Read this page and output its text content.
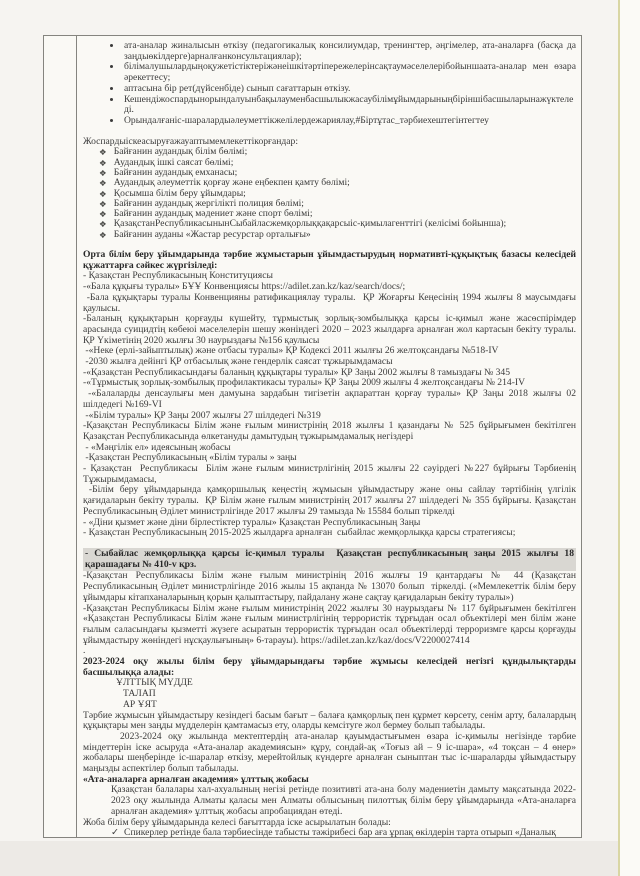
• ата-аналар жиналысын өткізу (педагогикалық консилиумдар, тренингтер, әңгімелер, ата-аналарға (басқа да заңдыөкілдерге)арналғанконсультациялар);
• білімалушылардыңоқужетістіктеріжәнеішкітәртіпережелерінсақтаумәселелерібойыншаата-аналар мен өзара әрекеттесу;
• аптасына бір рет(дүйсенбіде) сынып сағаттарын өткізу.
• Кешендіжоспардынорындалуынбақылауменбасшылыкжасаубілімұйымдарыныңбіріншібасшыларынажүктеледі.
• Орындалғаніс-шаралардыәлеуметтікжелілердежариялау,#Біртұтас_тәрбиехештегінтегтеу

Жоспардыіскеасыруғажауаптымемлекеттікорғандар:

❖ Байғанин аудандық білім бөлімі;
❖ Аудандық ішкі саясат бөлімі;
❖ Байғанин аудандық емханасы;
❖ Аудандық әлеуметтік қорғау және еңбекпен қамту бөлімі;
❖ Қосымша білім беру ұйымдары;
❖ Байғанин аудандық жергілікті полиция бөлімі;
❖ Байғанин аудандық мәдениет және спорт бөлімі;
❖ ҚазақстанРеспубликасынынСыбайласжемқорлыққақарсыіс-қимылагенттігі (келісімі бойынша);
❖ Байғанин ауданы «Жастар ресурстар орталығы»

Орта білім беру ұйымдарында тәрбие жұмыстарын ұйымдастырудың нормативті-құқықтық базасы келесідей құжаттарға сәйкес жүргізіледі:

- Қазақстан Республикасының Конституциясы

-«Бала құқығы туралы» БҰҰ Конвенциясы https://adilet.zan.kz/kaz/search/docs/;

-Бала құқықтары туралы Конвенцияны ратификациялау туралы.  ҚР Жоғарғы Кеңесінің 1994 жылғы 8 маусымдағы қаулысы.

-Баланың құқықтарын қорғауды күшейту, тұрмыстық зорлық-зомбылыққа қарсы іс-қимыл және жасөспірімдер арасында суицидтің көбеюі мәселелерін шешу жөніндегі 2020 – 2023 жылдарға арналған жол картасын бекіту туралы.  ҚР Үкіметінің 2020 жылғы 30 наурыздағы №156 қаулысы

-«Неке (ерлі-зайыптылық) және отбасы туралы» ҚР Кодексі 2011 жылғы 26 желтоқсандағы №518-IV

-2030 жылға дейінгі ҚР отбасылық және гендерлік саясат тұжырымдамасы

-«Қазақстан Республикасындағы баланың құқықтары туралы» ҚР Заңы 2002 жылғы 8 тамыздағы № 345

-«Тұрмыстық зорлық-зомбылық профилактикасы туралы» ҚР Заңы 2009 жылғы 4 желтоқсандағы № 214-IV

-«Балаларды денсаулығы мен дамуына зардабын тигізетін ақпараттан қорғау туралы» ҚР Заңы 2018 жылғы 02 шілдедегі №169-VI

-«Білім туралы» ҚР Заңы 2007 жылғы 27 шілдедегі №319

-Қазақстан Республикасы Білім және ғылым министрінің 2018 жылғы 1 қазандағы № 525 бұйрығымен бекітілген Қазақстан Республикасында өлкетануды дамытудың тұжырымдамалық негіздері

- «Мәңгілік ел» идеясының жобасы

-Қазақстан Республикасының «Білім туралы » заңы

- Қазақстан  Республикасы  Білім және ғылым министрлігінің 2015 жылғы 22 сәуірдегі №227 бұйрығы Тәрбиенің Тұжырымдамасы,

-Білім беру ұйымдарында қамқоршылық кеңестің жұмысын ұйымдастыру және оны сайлау тәртібінің үлгілік қағидаларын бекіту туралы.  ҚР Білім және ғылым министрінің 2017 жылғы 27 шілдедегі № 355 бұйрығы. Қазақстан Республикасының Әділет министрлігінде 2017 жылғы 29 тамызда № 15584 болып тіркелді

- «Діни қызмет және діни бірлестіктер туралы» Қазақстан Республикасының Заңы

- Қазақстан Республикасының 2015-2025 жылдарға арналған  сыбайлас жемқорлыққа қарсы стратегиясы;

- Сыбайлас жемқорлыққа қарсы іс-қимыл туралы  Қазақстан республикасының заңы 2015 жылғы 18 қарашадағы № 410-v қрз.

-Қазақстан Республикасы Білім және ғылым министрінің 2016 жылғы 19 қантардағы № 44 (Қазақстан Республикасының Әділет министрлігінде 2016 жылы 15 ақпанда № 13070 болып  тіркелді. («Мемлекеттік білім беру ұйымдары кітапханаларының қорын қалыптастыру, пайдалану және сақтау қағидаларын бекіту туралы»)

-Қазақстан Республикасы Білім және ғылым министрінің 2022 жылғы 30 наурыздағы № 117 бұйрығымен бекітілген «Қазақстан Республикасы Білім және ғылым министрлігінің террористік тұрғыдан осал объектілері мен білім және ғылым саласындағы қызметті жүзеге асыратын террористік тұрғыдан осал объектілерді терроризмге қарсы қорғауды ұйымдастыру жөніндегі нұсқаулығының» 6-тарауы). https://adilet.zan.kz/kaz/docs/V2200027414

.

2023-2024 оқу жылы білім беру ұйымдарындағы тәрбие жұмысы келесідей негізгі құндылықтарды  басшылыққа алады:

ҰЛТТЫҚ МҮДДЕ

ТАЛАП

АР ҰЯТ

Тәрбие жұмысын ұйымдастыру кезіндегі басым бағыт – балаға қамқорлық пен құрмет көрсету, сенім арту, балалардың құқықтары мен заңды мүдделерін қамтамасыз ету, оларды кемсітуге жол бермеу болып табылады.

2023-2024 оқу жылында мектептердің ата-аналар қауымдастығымен өзара іс-қимылы негізінде тәрбие міндеттерін іске асыруда «Ата-аналар академиясын» құру, сондай-ақ «Тоғыз ай – 9 іс-шара», «4 тоқсан – 4 өнер» жобалары шеңберінде іс-шаралар өткізу, мерейтойлық күндерге арналған сыныптан тыс іс-шараларды ұйымдастыру маңызды аспектілер болып табылады.

«Ата-аналарға арналған академия» ұлттық жобасы

Қазақстан балалары хал-ахуалының негізі ретінде позитивті ата-ана болу мәдениетін дамыту мақсатында 2022-2023 оқу жылында Алматы қаласы мен Алматы облысының пилоттық білім беру ұйымдарында «Ата-аналарға арналған академия» ұлттық жобасы апробациядан өтеді.

Жоба білім беру ұйымдарында келесі бағыттарда іске асырылатын болады:

✓ Спикерлер ретінде бала тәрбиесінде табысты тәжірибесі бар аға ұрпақ өкілдерін тарта отырып «Даналық
